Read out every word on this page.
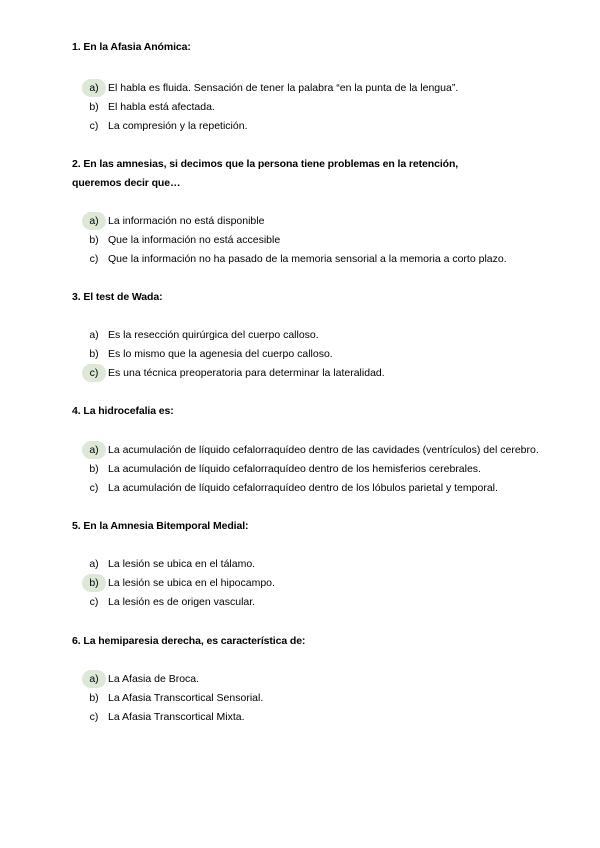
1. En la Afasia Anómica:
a) El habla es fluida. Sensación de tener la palabra “en la punta de la lengua”.
b) El habla está afectada.
c) La compresión y la repetición.
2. En las amnesias, si decimos que la persona tiene problemas en la retención,
queremos decir que…
a) La información no está disponible
b) Que la información no está accesible
c) Que la información no ha pasado de la memoria sensorial a la memoria a corto plazo.
3. El test de Wada:
a) Es la resección quirúrgica del cuerpo calloso.
b) Es lo mismo que la agenesia del cuerpo calloso.
c) Es una técnica preoperatoria para determinar la lateralidad.
4. La hidrocefalia es:
a) La acumulación de líquido cefalorraquídeo dentro de las cavidades (ventrículos) del cerebro.
b) La acumulación de líquido cefalorraquídeo dentro de los hemisferios cerebrales.
c) La acumulación de líquido cefalorraquídeo dentro de los lóbulos parietal y temporal.
5. En la Amnesia Bitemporal Medial:
a) La lesión se ubica en el tálamo.
b) La lesión se ubica en el hipocampo.
c) La lesión es de origen vascular.
6. La hemiparesia derecha, es característica de:
a) La Afasia de Broca.
b) La Afasia Transcortical Sensorial.
c) La Afasia Transcortical Mixta.
